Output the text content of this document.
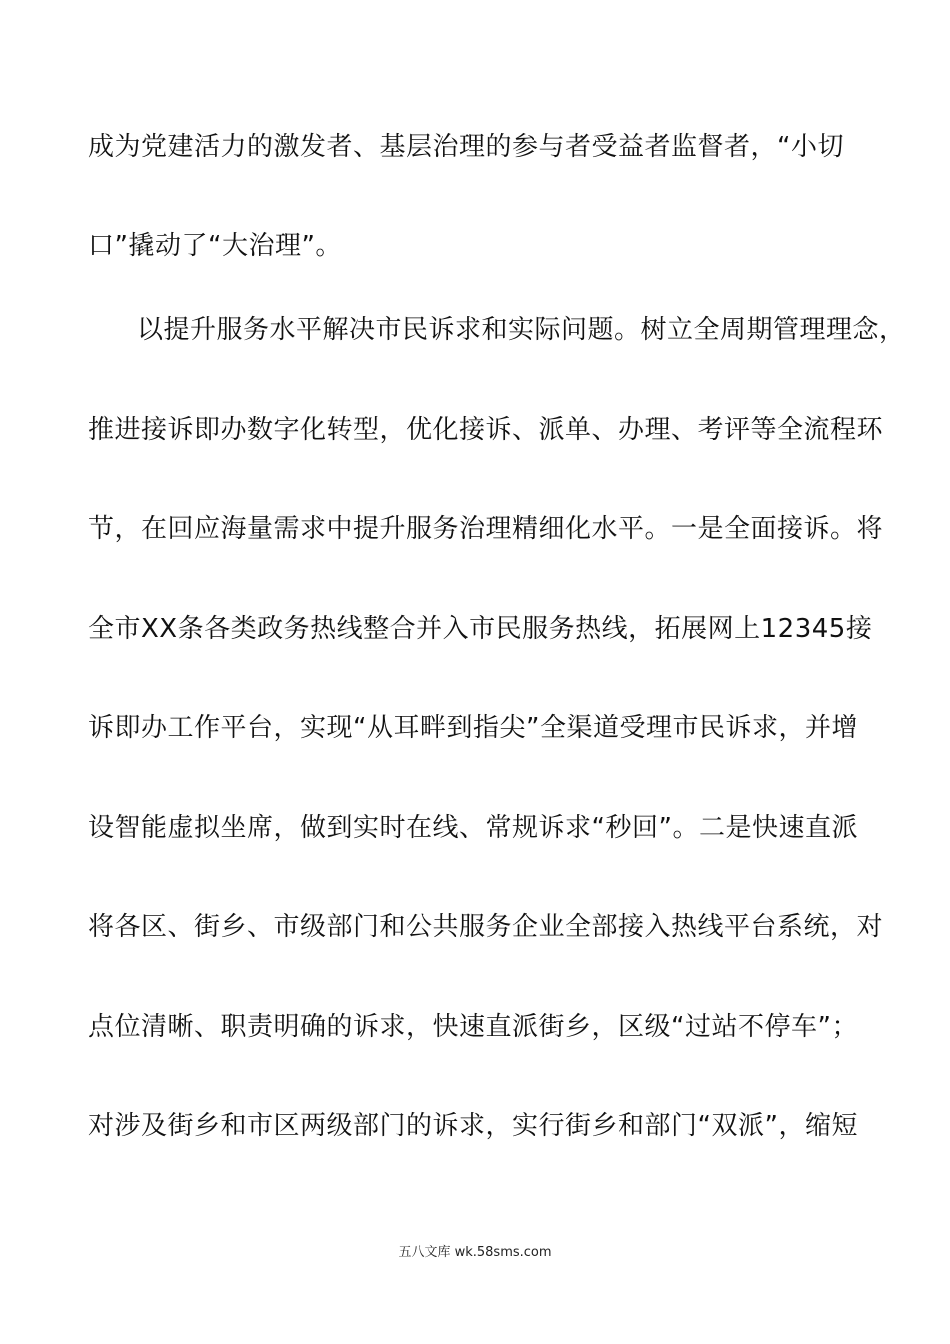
成为党建活力的激发者、基层治理的参与者受益者监督者，“小切
口”撬动了“大治理”。
以提升服务水平解决市民诉求和实际问题。树立全周期管理理念，
推进接诉即办数字化转型，优化接诉、派单、办理、考评等全流程环
节，在回应海量需求中提升服务治理精细化水平。一是全面接诉。将
全市XX条各类政务热线整合并入市民服务热线，拓展网上12345接
诉即办工作平台，实现“从耳畔到指尖”全渠道受理市民诉求，并增
设智能虚拟坐席，做到实时在线、常规诉求“秒回”。二是快速直派
将各区、街乡、市级部门和公共服务企业全部接入热线平台系统，对
点位清晰、职责明确的诉求，快速直派街乡，区级“过站不停车”；
对涉及街乡和市区两级部门的诉求，实行街乡和部门“双派”，缩短
五八文库 wk.58sms.com
